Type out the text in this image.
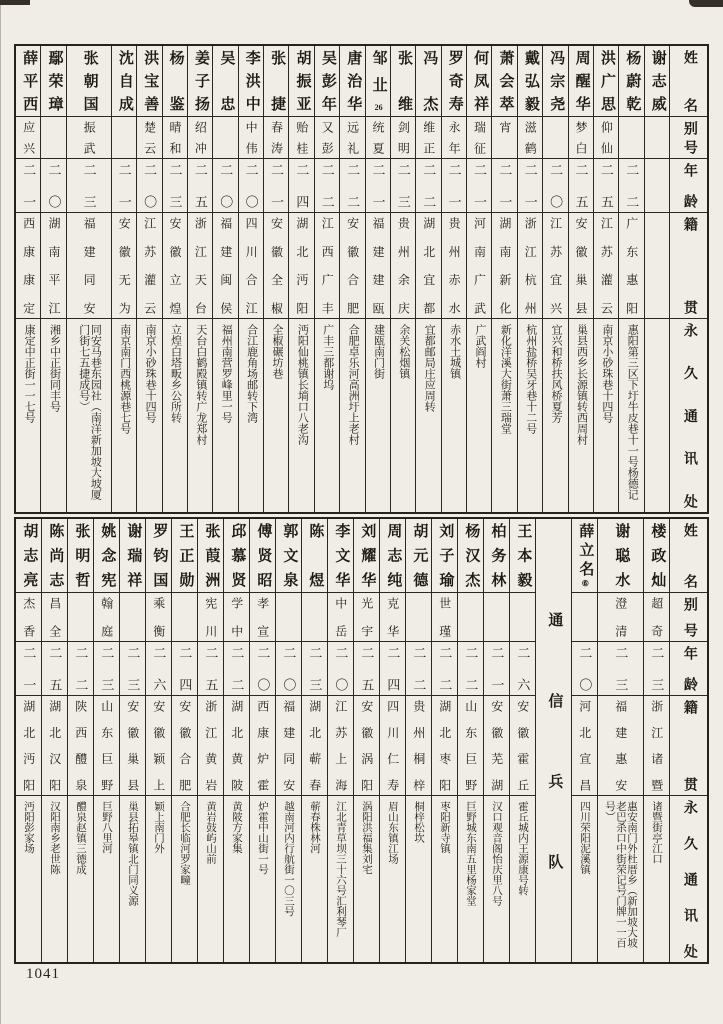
姓名
别号
年龄
籍贯
永久通讯处
谢志威
杨蔚乾
二二
广东惠阳
惠阳第三区下圩牛皮巷十一号杨德记
洪广思
仰仙
二五
江苏灌云
南京小砂珠巷十四号
周醒华
梦白
二五
安徽巢县
巢县西乡长源镇转西周村
冯宗尧
二〇
江苏宜兴
宜兴和桥扶风桥夏芳
戴弘毅
滋鹤
二一
浙江杭州
杭州盐桥吴牙巷十二号
萧会萃
宵
二一
湖南新化
新化洋溪大街萧三瑞堂
何凤祥
瑞征
二一
河南广武
广武阎村
罗奇寿
永年
二一
贵州赤水
赤水土城镇
冯杰
维正
二二
湖北宜都
宜都邮局庄应周转
张维
剑明
二三
贵州余庆
余关松烟镇
邹㐀26
统夏
二一
福建建瓯
建瓯南门街
唐治华
远礼
二二
安徽合肥
合肥卓乐河高洲圩上老村
吴彭年
又彭
二二
江西广丰
广丰三都谢坞
胡振亚
贻桂
二四
湖北沔阳
沔阳仙桃镇长埫口八老沟
张捷
春涛
二一
安徽全椒
全椒碾坊巷
李洪中
中伟
二〇
四川合江
合江鹿角场邮转下湾
吴忠
二〇
福建闽侯
福州南营罗峰里一号
姜子扬
绍冲
二五
浙江天台
天台白鹤殿镇转广龙郑村
杨鉴
晴和
二三
安徽立煌
立煌白塔畈乡公所转
洪宝善
楚云
二〇
江苏灌云
南京小砂珠巷十四号
沈自成
二一
安徽无为
南京南门西桃源巷七号
张朝国
振武
二三
福建同安
同安马巷东园社（南洋新加坡大坡厦门街七五捷成号）
鄢荣璋
二〇
湖南平江
湘乡中正街同丰号
薛平西
应兴
二一
西康康定
康定中正街一一七号
姓名
别号
年龄
籍贯
永久通讯处
楼政灿
超奇
二三
浙江诸暨
诸暨街亭江口
谢聪水
澄清
二三
福建惠安
惠安南门外杜厝乡（新加坡大坡老巴杀口中街荣记号门牌一一百号）
薛立名⑥
二〇
河北宣昌
四川荣阳泥溪镇
通信兵队
王本毅
二六
安徽霍丘
霍丘城内王源康号转
柏务林
二一
安徽芜湖
汉口观音阁怡庆里八号
杨汉杰
二二
山东巨野
巨野城东南五里杨家堂
刘子瑜
世瑾
二二
湖北枣阳
枣阳新寺镇
胡元德
二二
贵州桐梓
桐梓松坎
周志纯
克华
二四
四川仁寿
眉山东镇江场
刘耀华
光宇
二五
安徽涡阳
涡阳洪福集刘宅
李文华
中岳
二〇
江苏上海
江北青草坝三十六号汇利琴厂
陈煜
二三
湖北蕲春
蕲春株林河
郭文泉
二〇
福建同安
越南河内行航街一〇三号
傅贤昭
孝宣
二〇
西康炉霍
炉霍中山街一号
邱慕贤
学中
二二
湖北黄陂
黄陂方家集
张葭洲
宪川
二五
浙江黄岩
黄岩鼓屿山前
王正勋
二四
安徽合肥
合肥长临河罗家疃
罗钧国
乘衡
二六
安徽颖上
颖上南门外
谢瑞祥
二三
安徽巢县
巢县拓皋镇北门同义源
姚念宪
翰庭
二三
山东巨野
巨野八里河
张明哲
二二
陕西醴泉
醴泉赵镇三德成
陈尚志
昌全
二五
湖北汉阳
汉阳南乡老世陈
胡志亮
杰香
二一
湖北沔阳
沔阳彭家场
1041
